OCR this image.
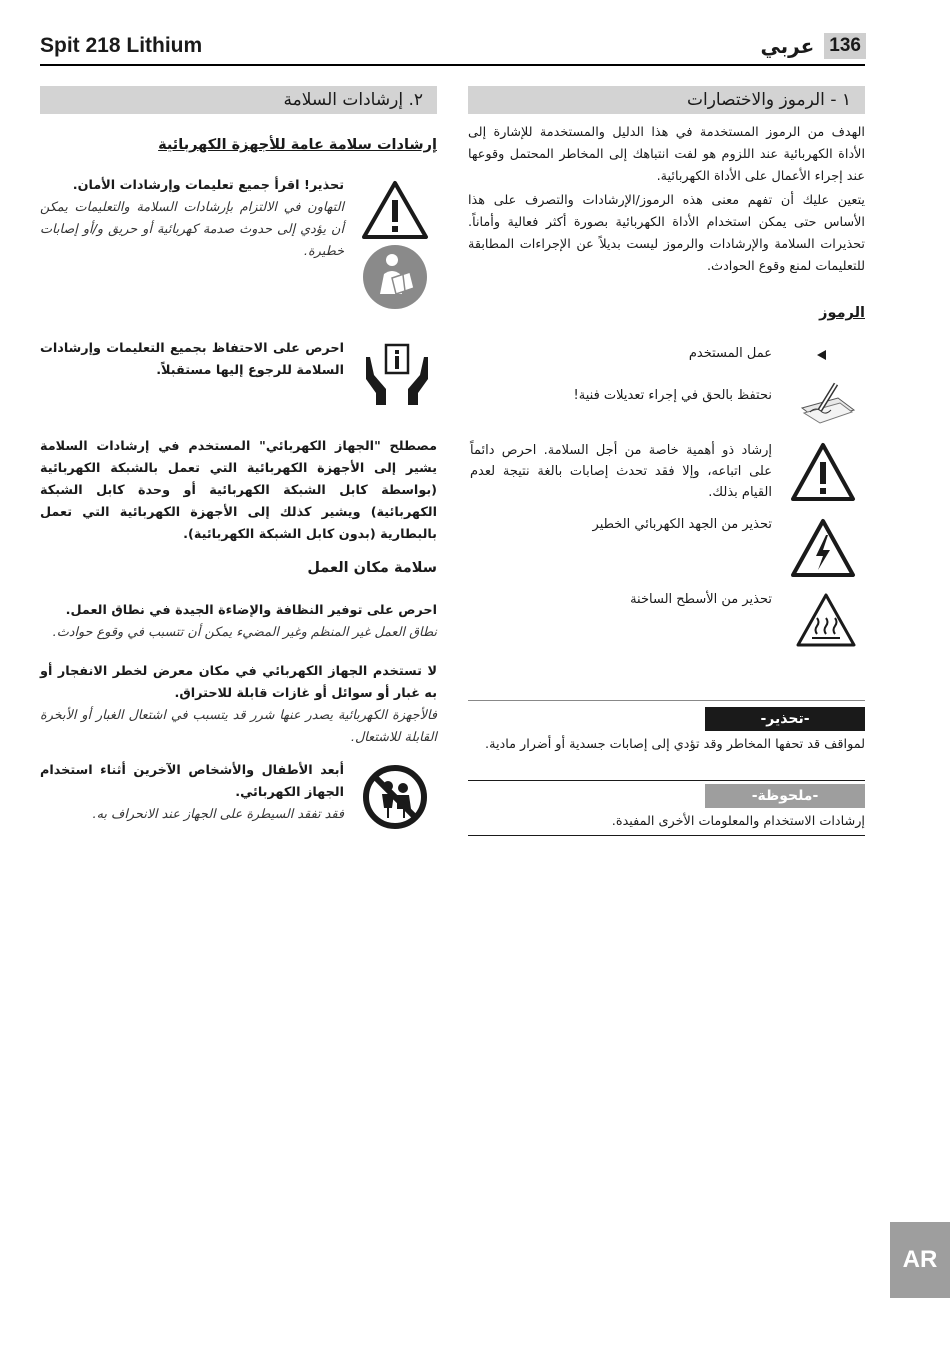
Spit 218 Lithium	عربي 136
١ - الرموز والاختصارات
الهدف من الرموز المستخدمة في هذا الدليل والمستخدمة للإشارة إلى الأداة الكهربائية عند اللزوم هو لفت انتباهك إلى المخاطر المحتمل وقوعها عند إجراء الأعمال على الأداة الكهربائية.
يتعين عليك أن تفهم معنى هذه الرموز/الإرشادات والتصرف على هذا الأساس حتى يمكن استخدام الأداة الكهربائية بصورة أكثر فعالية وأماناً. تحذيرات السلامة والإرشادات والرموز ليست بديلاً عن الإجراءات المطابقة للتعليمات لمنع وقوع الحوادث.
الرموز
عمل المستخدم
نحتفظ بالحق في إجراء تعديلات فنية!
إرشاد ذو أهمية خاصة من أجل السلامة. احرص دائماً على اتباعه، وإلا فقد تحدث إصابات بالغة نتيجة لعدم القيام بذلك.
تحذير من الجهد الكهربائي الخطير
تحذير من الأسطح الساخنة
-تحذير-
لمواقف قد تحفها المخاطر وقد تؤدي إلى إصابات جسدية أو أضرار مادية.
-ملحوظة-
إرشادات الاستخدام والمعلومات الأخرى المفيدة.
٢. إرشادات السلامة
إرشادات سلامة عامة للأجهزة الكهربائية
تحذير! اقرأ جميع تعليمات وإرشادات الأمان.
التهاون في الالتزام بإرشادات السلامة والتعليمات يمكن أن يؤدي إلى حدوث صدمة كهربائية أو حريق و/أو إصابات خطيرة.
احرص على الاحتفاظ بجميع التعليمات وإرشادات السلامة للرجوع إليها مستقبلاً.
مصطلح "الجهاز الكهربائي" المستخدم في إرشادات السلامة يشير إلى الأجهزة الكهربائية التي تعمل بالشبكة الكهربائية (بواسطة كابل الشبكة الكهربائية أو وحدة كابل الشبكة الكهربائية) ويشير كذلك إلى الأجهزة الكهربائية التي تعمل بالبطارية (بدون كابل الشبكة الكهربائية).
سلامة مكان العمل
احرص على توفير النظافة والإضاءة الجيدة في نطاق العمل.
نطاق العمل غير المنظم وغير المضيء يمكن أن تتسبب في وقوع حوادث.
لا تستخدم الجهاز الكهربائي في مكان معرض لخطر الانفجار أو به غبار أو سوائل أو غازات قابلة للاحتراق.
فالأجهزة الكهربائية يصدر عنها شرر قد يتسبب في اشتعال الغبار أو الأبخرة القابلة للاشتعال.
أبعد الأطفال والأشخاص الآخرين أثناء استخدام الجهاز الكهربائي.
فقد تفقد السيطرة على الجهاز عند الانحراف به.
AR
